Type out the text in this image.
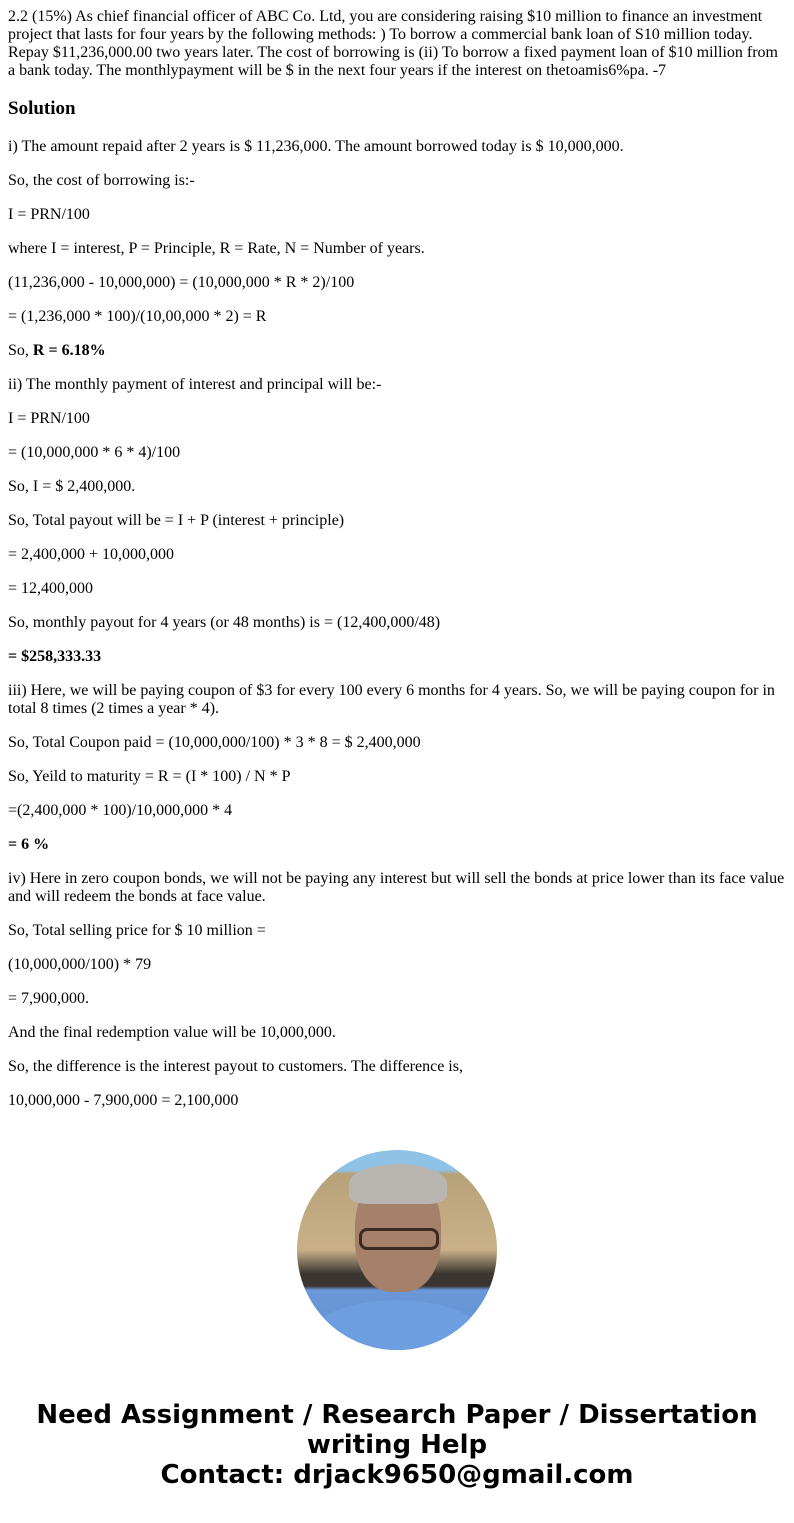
2.2 (15%) As chief financial officer of ABC Co. Ltd, you are considering raising $10 million to finance an investment project that lasts for four years by the following methods: ) To borrow a commercial bank loan of S10 million today. Repay $11,236,000.00 two years later. The cost of borrowing is (ii) To borrow a fixed payment loan of $10 million from a bank today. The monthlypayment will be $ in the next four years if the interest on thetoamis6%pa. -7

Solution

i) The amount repaid after 2 years is $ 11,236,000. The amount borrowed today is $ 10,000,000.

So, the cost of borrowing is:-

I = PRN/100

where I = interest, P = Principle, R = Rate, N = Number of years.

(11,236,000 - 10,000,000) = (10,000,000 * R * 2)/100

= (1,236,000 * 100)/(10,00,000 * 2) = R

So, R = 6.18%

ii) The monthly payment of interest and principal will be:-

I = PRN/100

= (10,000,000 * 6 * 4)/100

So, I = $ 2,400,000.

So, Total payout will be = I + P (interest + principle)

= 2,400,000 + 10,000,000

= 12,400,000

So, monthly payout for 4 years (or 48 months) is = (12,400,000/48)

= $258,333.33

iii) Here, we will be paying coupon of $3 for every 100 every 6 months for 4 years. So, we will be paying coupon for in total 8 times (2 times a year * 4).

So, Total Coupon paid = (10,000,000/100) * 3 * 8 = $ 2,400,000

So, Yeild to maturity = R = (I * 100) / N * P

=(2,400,000 * 100)/10,000,000 * 4

= 6 %

iv) Here in zero coupon bonds, we will not be paying any interest but will sell the bonds at price lower than its face value and will redeem the bonds at face value.

So, Total selling price for $ 10 million =

(10,000,000/100) * 79

= 7,900,000.

And the final redemption value will be 10,000,000.

So, the difference is the interest payout to customers. The difference is,

10,000,000 - 7,900,000 = 2,100,000

Need Assignment / Research Paper / Dissertation writing Help
Contact: drjack9650@gmail.com
